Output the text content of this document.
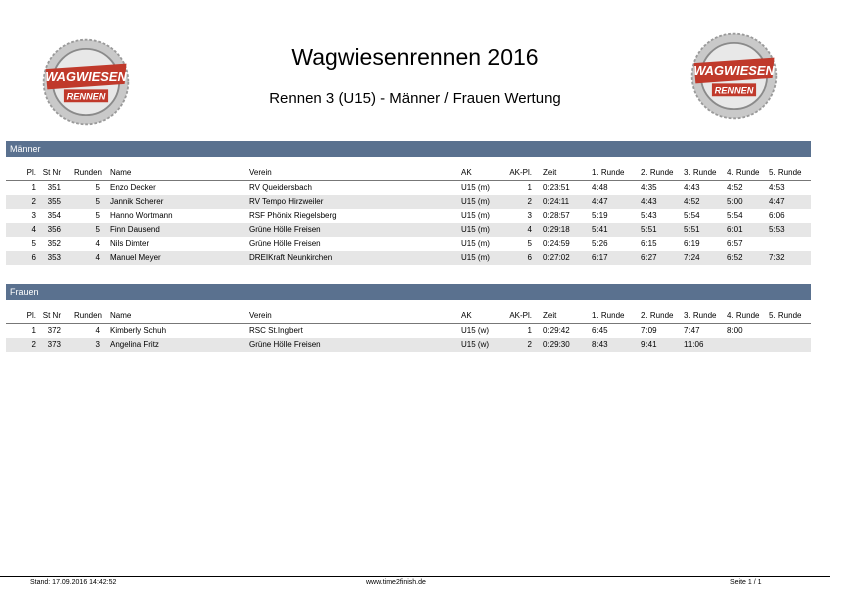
WAGWIESEN
RENNEN
WAGWIESEN
RENNEN
Wagwiesenrennen 2016
Rennen 3 (U15) - Männer / Frauen Wertung
Männer
Pl. St Nr	Runden Name	Verein	AK	AK-Pl. Zeit	1. Runde 2. Runde 3. Runde 4. Runde 5. Runde
1	351	5 Enzo Decker	RV Queidersbach	U15 (m)	1 0:23:51	4:48	4:35	4:43	4:52	4:53
2	355	5 Jannik Scherer	RV Tempo Hirzweiler	U15 (m)	2 0:24:11	4:47	4:43	4:52	5:00	4:47
3	354	5 Hanno Wortmann	RSF Phönix Riegelsberg	U15 (m)	3 0:28:57	5:19	5:43	5:54	5:54	6:06
4	356	5 Finn Dausend	Grüne Hölle Freisen	U15 (m)	4 0:29:18	5:41	5:51	5:51	6:01	5:53
5	352	4 Nils Dimter	Grüne Hölle Freisen	U15 (m)	5 0:24:59	5:26	6:15	6:19	6:57
6	353	4 Manuel Meyer	DREIKraft Neunkirchen	U15 (m)	6 0:27:02	6:17	6:27	7:24	6:52	7:32
Frauen
Pl. St Nr	Runden Name	Verein	AK	AK-Pl. Zeit	1. Runde 2. Runde 3. Runde 4. Runde 5. Runde
1	372	4 Kimberly Schuh	RSC St.Ingbert	U15 (w)	1 0:29:42	6:45	7:09	7:47	8:00
2	373	3 Angelina Fritz	Grüne Hölle Freisen	U15 (w)	2 0:29:30	8:43	9:41	11:06
Stand: 17.09.2016 14:42:52	www.time2finish.de	Seite 1 / 1
